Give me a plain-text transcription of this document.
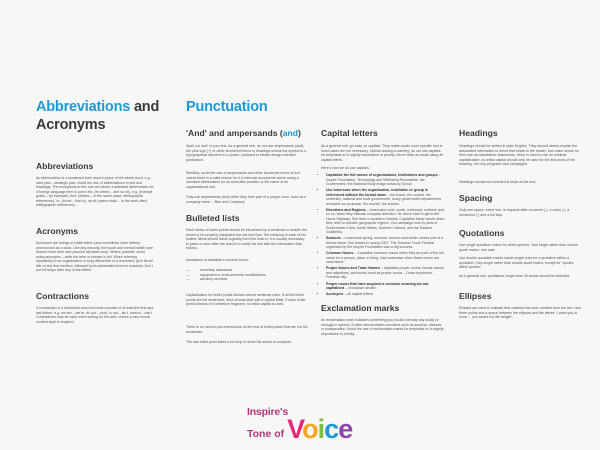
Abbreviations and
Acronyms
Punctuation
Abbreviations
An abbreviation is a shortened form used in place of the whole word, e.g. start plan – strategic plan. Avoid the use of abbreviations in text and headings. The exceptions to this rule are where a standard abbreviation for a foreign language term is used: etc. (et cetera – and so on), e.g. (exempli gratia – for example), ibid. (ibidem – in the same place, bibliographic references), i.e. (id est – that is), op cit (opere citato – in the work cited, bibliographic references).
Acronyms
Acronyms are strings of initial letters (and sometimes other letters) pronounced as a word. Like any industry, the youth and mental health care sectors have their own peculiar alphabet soup. Where possible, avoid using acronyms – write the term or phrase in full. When referring repeatedly to an organisation or long official title in a document, give its full title on the first mention, followed by its abbreviated form in brackets. Don't put full stops after any of the letters.
Contractions
A contraction is a shortened word form that consists of at least the first and last letters, e.g. we are – we're, do not – don't, is not – isn't, cannot – can't. Contractions may be used when writing for the web, unless a very formal content style is required.
'And' and ampersands (and)
Spell out 'and' in your text. As a general rule, do not use ampersands (and), the plus sign (+) or other shortened forms in headings unless the symbol is a typographical element on a poster, postcard or similar design-oriented publication.
Similarly, avoid the use of ampersands and other shortened forms of text unless there is a valid reason for it in informal documents where using a standard abbreviation for an executive position or the name of an organisational unit.
Only use ampersands (and) when they form part of a proper noun, such as a company name – 'Ben and Company'.
Bulleted lists
Each series of bullet points should be introduced by a sentence to enable the series to be properly integrated into the text flow. The meaning in each of the bullets' items should follow logically from this lead-in. It is usually necessary to place a colon after the lead-in to clarify the link with the information that follows.
Assistance is available in several forms:
—	monetary assistance
—	equipment or environmental modifications
—	advisory services.
Capitalisation for bullet points follows normal sentence rules. If all the bullet points are full sentences, each should start with a capital letter. If each bullet point consists of a sentence fragment, no initial capital is used.
There is no need to put a semicolon at the end of bullet points that are not full sentences.
The last bullet point takes a full stop to show the series is complete.
Capital letters
As a general rule, go easy on capitals. They make words more specific and in most cases are not necessary. Unless issuing a warning, do not use capitals for emphasis or to signify importance or priority. Never write an email using all capital letters.
Here's how we do use capitals:
• Capitalise the full names of organisations, institutions and groups – Inspire Foundation, Technology and Wellbeing Roundtable, the Government, the National Body Image Advisory Group.
• Use lowercase when the organisation, institution or group is referenced without the formal name – the board, the council, the university, national and local government, many government departments reviewed our proposal, the council, the bureau.
• Directions and Regions – lowercase north, south, northeast, northern and so on, when they indicate compass direction. He drove east to get to the Hume Highway. She lives in southern Victoria. Capitalise these words when they refer to specific geographic regions. Our campaign took in parts of Southwestern New South Wales, Northern Victoria, and the Eastern Goldfields.
• Seasons – Lowercase spring, summer, autumn and winter unless part of a formal name: She leaves in spring 2007. The Summer Youth Festival organised by the Inspire Foundation was a big success.
• Common Nouns – Capitalise common nouns when they are part of the full name for a person, place or thing. Use lowercase when these nouns are used alone.
• Proper Nouns and Trade Names – capitalise proper nouns, formal names and adjectives, and words used as proper nouns – Down syndrome, Freudian slip.
• Proper nouns that have acquired a common meaning are not capitalised – crosstown section
• Acronyms – all capital letters.
Exclamation marks
An exclamation mark indicates something you would normally say loudly or strongly in speech. It often demonstrates emotions such as surprise, distress or exasperation. Avoid the use of exclamation marks for emphasis or to signify importance or priority.
Headings
Headings should be written in plain English. They should clearly explain the associated information in terms that relate to the reader, and make sense on their own as standalone statements. Keep in mind to use an minimal capitalisation. An initial capital should only be used for the first word of the heading. Our key programs and campaigns.
Headings should not include full stops at the end.
Spacing
Only one space, never two, is required after a comma (,), a colon (:), a semicolon (;) and a full stop.
Quotations
Use single quotation marks for direct speech: 'Use single rather than double quote marks,' she said.
Use double quotation marks inside single ones for a quotation within a quotation: 'Use single rather than double quote marks, except for "quotes within quotes"'.
As a general rule, quotations longer than 40 words should be indented.
Ellipses
Ellipses are used to indicate that material has been omitted from the text. Use three points and a space between the ellipses and the lettres: 'I want you to know ... you saved my life tonight'.
Inspire's
Tone of Voice
